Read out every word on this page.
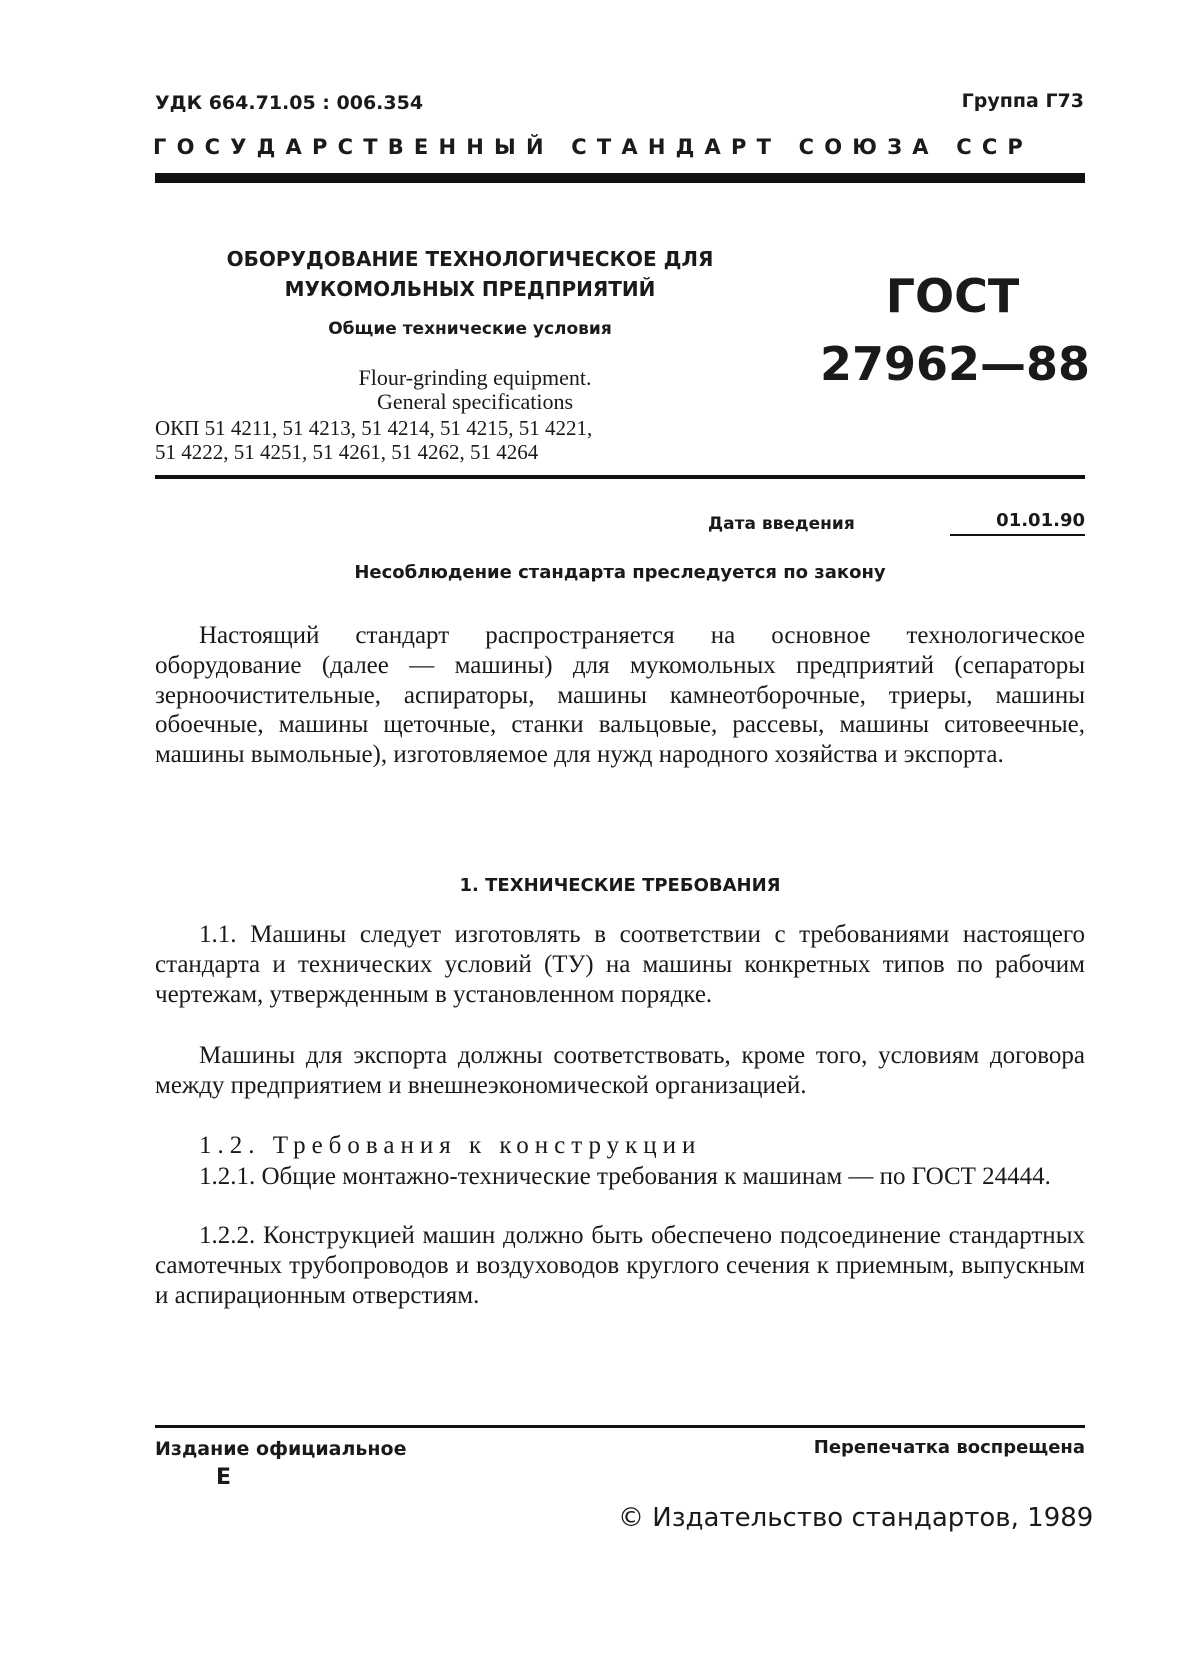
УДК 664.71.05 : 006.354	Группа Г73
ГОСУДАРСТВЕННЫЙ СТАНДАРТ СОЮЗА ССР
ОБОРУДОВАНИЕ ТЕХНОЛОГИЧЕСКОЕ ДЛЯ
МУКОМОЛЬНЫХ ПРЕДПРИЯТИЙ
Общие технические условия
ГОСТ
27962—88
Flour-grinding equipment.
General specifications
ОКП 51 4211, 51 4213, 51 4214, 51 4215, 51 4221,
51 4222, 51 4251, 51 4261, 51 4262, 51 4264
Дата введения	01.01.90
Несоблюдение стандарта преследуется по закону
Настоящий стандарт распространяется на основное технологическое оборудование (далее — машины) для мукомольных предприятий (сепараторы зерноочистительные, аспираторы, машины камнеотборочные, триеры, машины обоечные, машины щеточные, станки вальцовые, рассевы, машины ситовеечные, машины вымольные), изготовляемое для нужд народного хозяйства и экспорта.
1. ТЕХНИЧЕСКИЕ ТРЕБОВАНИЯ
1.1. Машины следует изготовлять в соответствии с требованиями настоящего стандарта и технических условий (ТУ) на машины конкретных типов по рабочим чертежам, утвержденным в установленном порядке.
Машины для экспорта должны соответствовать, кроме того, условиям договора между предприятием и внешнеэкономической организацией.
1.2. Требования к конструкции
1.2.1. Общие монтажно-технические требования к машинам — по ГОСТ 24444.
1.2.2. Конструкцией машин должно быть обеспечено подсоединение стандартных самотечных трубопроводов и воздуховодов круглого сечения к приемным, выпускным и аспирационным отверстиям.
Издание официальное
Е
Перепечатка воспрещена
© Издательство стандартов, 1989
